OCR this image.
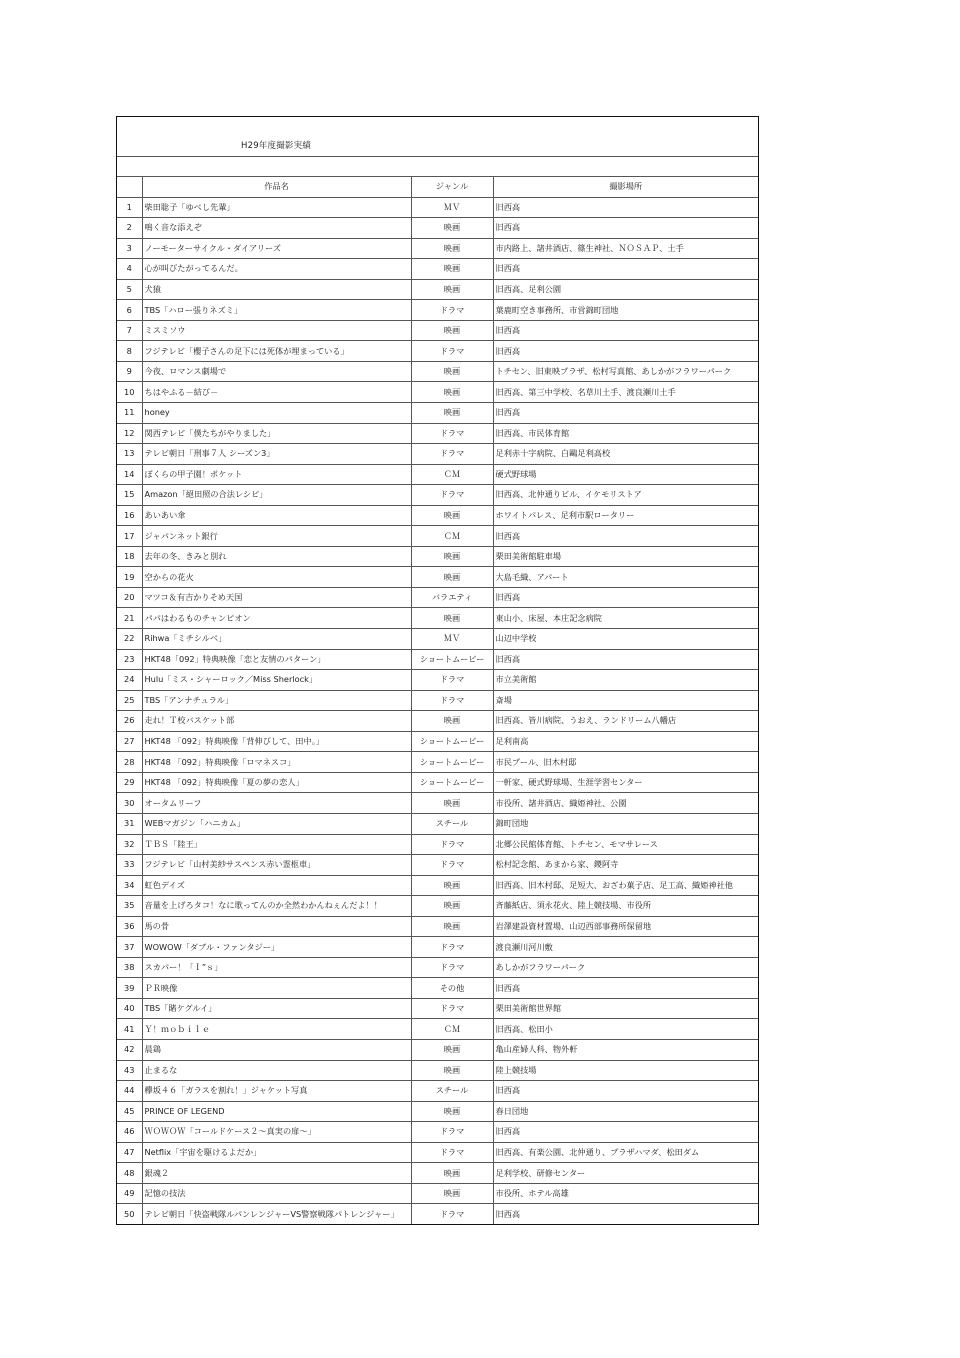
H29年度撮影実績
	作品名	ジャンル	撮影場所
1	柴田聡子「ゆべし先輩」	ＭＶ	旧西高
2	鳴く音な添えぞ	映画	旧西高
3	ノーモーターサイクル・ダイアリーズ	映画	市内路上、諸井酒店、篠生神社、ＮＯＳＡＰ、土手
4	心が叫びたがってるんだ。	映画	旧西高
5	犬猿	映画	旧西高、足利公園
6	TBS「ハロー張りネズミ」	ドラマ	葉鹿町空き事務所、市営錦町団地
7	ミスミソウ	映画	旧西高
8	フジテレビ「櫻子さんの足下には死体が埋まっている」	ドラマ	旧西高
9	今夜、ロマンス劇場で	映画	トチセン、旧東映プラザ、松村写真館、あしかがフラワーパーク
10	ちはやふる－結び－	映画	旧西高、第三中学校、名草川土手、渡良瀬川土手
11	honey	映画	旧西高
12	関西テレビ「僕たちがやりました」	ドラマ	旧西高、市民体育館
13	テレビ朝日「刑事７人 シーズン3」	ドラマ	足利赤十字病院、白鷗足利高校
14	ぼくらの甲子園！ポケット	ＣＭ	硬式野球場
15	Amazon「絕田照の合法レシピ」	ドラマ	旧西高、北仲通りビル、イケモリストア
16	あいあい傘	映画	ホワイトパレス、足利市駅ロータリー
17	ジャパンネット銀行	ＣＭ	旧西高
18	去年の冬、きみと別れ	映画	栗田美術館駐車場
19	空からの花火	映画	大島毛織、アパート
20	マツコ＆有吉かりそめ天国	バラエティ	旧西高
21	パパはわるものチャンピオン	映画	東山小、床屋、本庄記念病院
22	Rihwa「ミチシルベ」	ＭＶ	山辺中学校
23	HKT48「092」特典映像「恋と友情のパターン」	ショートムービー	旧西高
24	Hulu「ミス・シャーロック／Miss Sherlock」	ドラマ	市立美術館
25	TBS「アンナチュラル」	ドラマ	斎場
26	走れ！Ｔ校バスケット部	映画	旧西高、皆川病院、うおえ、ランドリーム八幡店
27	HKT48 「092」特典映像「背伸びして、田中。」	ショートムービー	足利南高
28	HKT48 「092」特典映像「ロマネスコ」	ショートムービー	市民プール、旧木村邸
29	HKT48 「092」特典映像「夏の夢の恋人」	ショートムービー	一軒家、硬式野球場、生涯学習センター
30	オータムリーフ	映画	市役所、諸井酒店、織姫神社、公園
31	WEBマガジン「ハニカム」	スチール	錦町団地
32	ＴＢＳ「陸王」	ドラマ	北郷公民館体育館、トチセン、モマサレース
33	フジテレビ「山村美紗サスペンス赤い霊柩車」	ドラマ	松村記念館、あまから家、鑁阿寺
34	虹色デイズ	映画	旧西高、旧木村邸、足短大、おざわ菓子店、足工高、織姫神社他
35	音量を上げろタコ！なに歌ってんのか全然わかんねぇんだよ！！	映画	斉藤紙店、須永花火、陸上競技場、市役所
36	馬の骨	映画	岩澤建設資材置場、山辺西部事務所保留地
37	WOWOW「ダブル・ファンタジー」	ドラマ	渡良瀬川河川敷
38	スカパー！「Ｉ”ｓ」	ドラマ	あしかがフラワーパーク
39	ＰＲ映像	その他	旧西高
40	TBS「賭ケグルイ」	ドラマ	栗田美術館世界館
41	Ｙ！ｍｏｂｉｌｅ	ＣＭ	旧西高、松田小
42	晨鶏	映画	亀山産婦人科、物外軒
43	止まるな	映画	陸上競技場
44	欅坂４６「ガラスを割れ！」ジャケット写真	スチール	旧西高
45	PRINCE OF LEGEND	映画	春日団地
46	ＷＯＷＯＷ「コールドケース２～真実の扉～」	ドラマ	旧西高
47	Netflix「宇宙を駆けるよだか」	ドラマ	旧西高、有楽公園、北仲通り、プラザハマダ、松田ダム
48	銀魂２	映画	足利学校、研修センター
49	記憶の技法	映画	市役所、ホテル高雄
50	テレビ朝日「快盗戦隊ルパンレンジャーVS警察戦隊パトレンジャー」	ドラマ	旧西高
